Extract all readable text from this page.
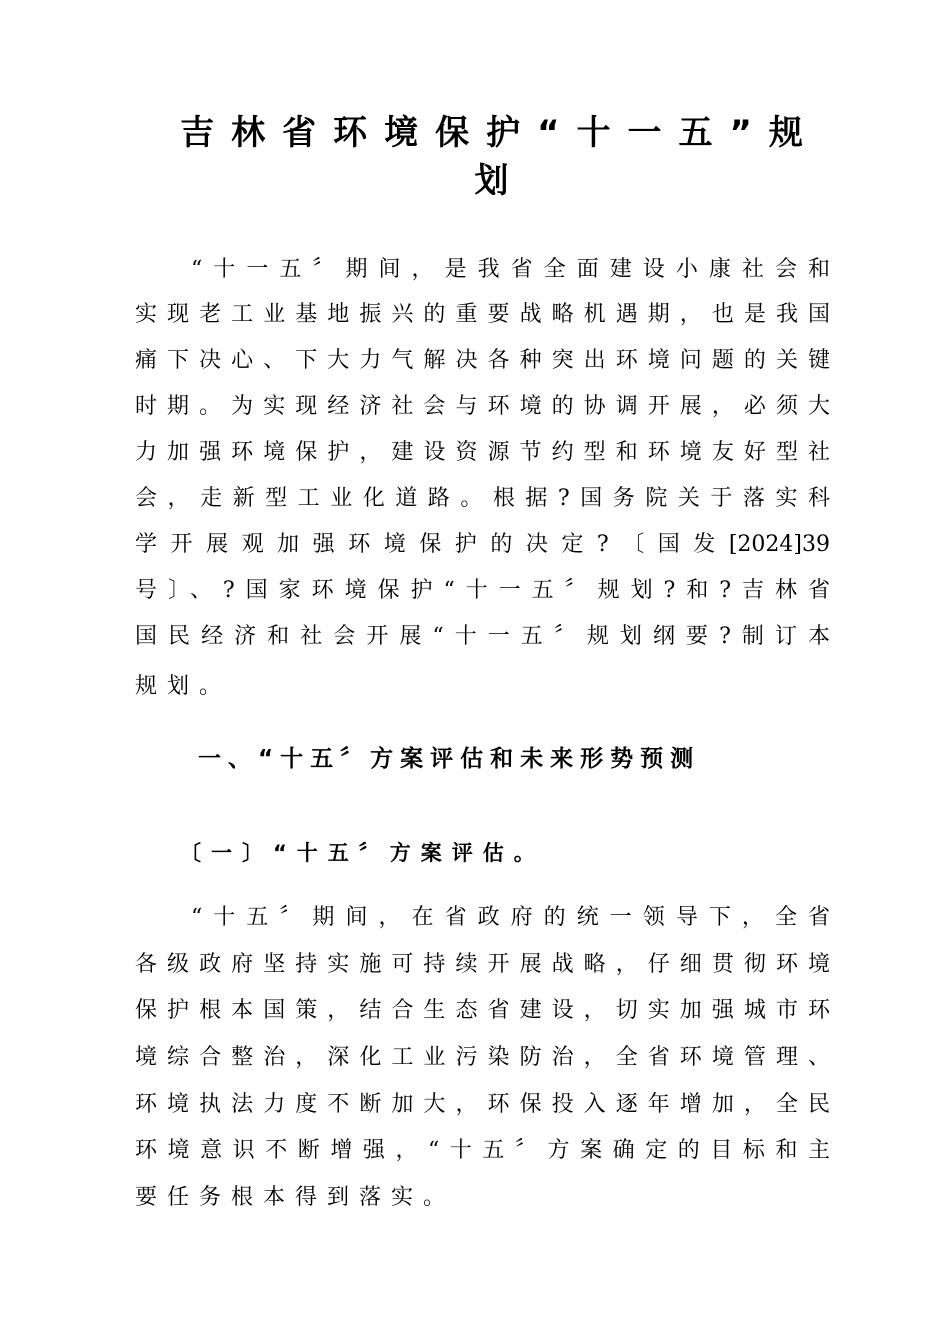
吉林省环境保护“十一五”规
划

“十一五〞期间，是我省全面建设小康社会和

实现老工业基地振兴的重要战略机遇期，也是我国

痛下决心、下大力气解决各种突出环境问题的关键

时期。为实现经济社会与环境的协调开展，必须大

力加强环境保护，建设资源节约型和环境友好型社

会，走新型工业化道路。根据?国务院关于落实科

学开展观加强环境保护的决定?〔国发[2024]39

号〕、?国家环境保护“十一五〞规划?和?吉林省

国民经济和社会开展“十一五〞规划纲要?制订本

规划。

一、“十五〞方案评估和未来形势预测
〔一〕“十五〞方案评估。

“十五〞期间，在省政府的统一领导下，全省

各级政府坚持实施可持续开展战略，仔细贯彻环境

保护根本国策，结合生态省建设，切实加强城市环

境综合整治，深化工业污染防治，全省环境管理、

环境执法力度不断加大，环保投入逐年增加，全民

环境意识不断增强，“十五〞方案确定的目标和主

要任务根本得到落实。
